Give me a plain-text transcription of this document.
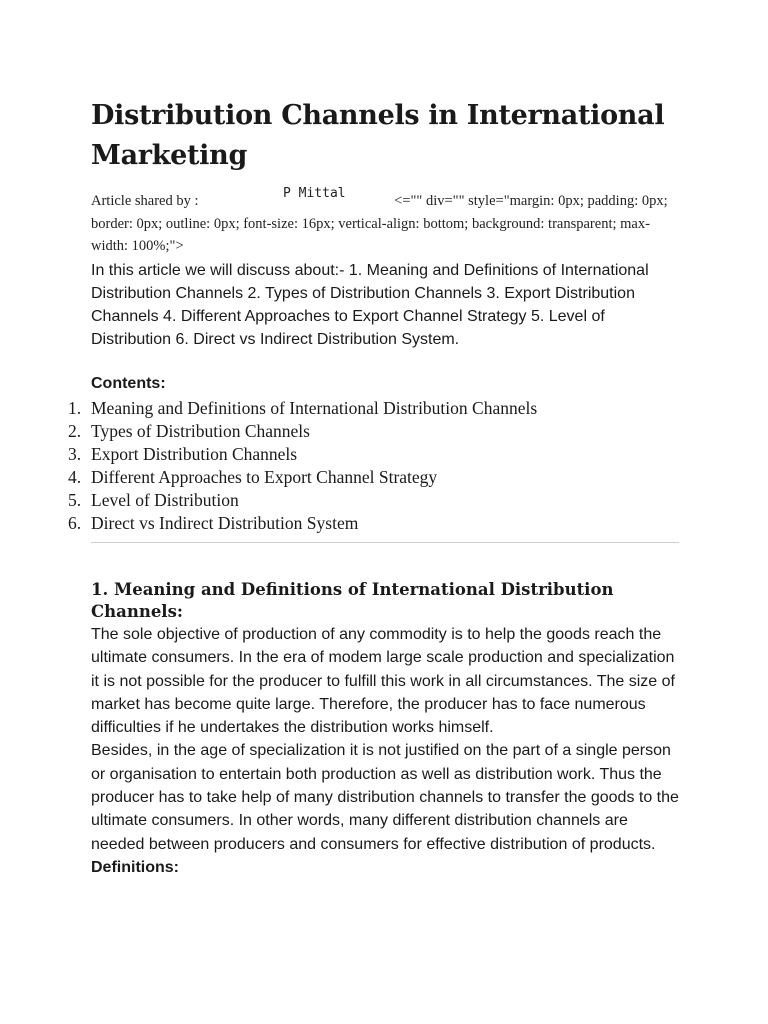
Distribution Channels in International Marketing
Article shared by :	P Mittal	<="" div="" style="margin: 0px; padding: 0px; border: 0px; outline: 0px; font-size: 16px; vertical-align: bottom; background: transparent; max-width: 100%;">
In this article we will discuss about:- 1. Meaning and Definitions of International Distribution Channels 2. Types of Distribution Channels 3. Export Distribution Channels 4. Different Approaches to Export Channel Strategy 5. Level of Distribution 6. Direct vs Indirect Distribution System.
Contents:
1. Meaning and Definitions of International Distribution Channels
2. Types of Distribution Channels
3. Export Distribution Channels
4. Different Approaches to Export Channel Strategy
5. Level of Distribution
6. Direct vs Indirect Distribution System
1. Meaning and Definitions of International Distribution Channels:

The sole objective of production of any commodity is to help the goods reach the ultimate consumers. In the era of modem large scale production and specialization it is not possible for the producer to fulfill this work in all circumstances. The size of market has become quite large. Therefore, the producer has to face numerous difficulties if he undertakes the distribution works himself.

Besides, in the age of specialization it is not justified on the part of a single person or organisation to entertain both production as well as distribution work. Thus the producer has to take help of many distribution channels to transfer the goods to the ultimate consumers. In other words, many different distribution channels are needed between producers and consumers for effective distribution of products.

Definitions:
